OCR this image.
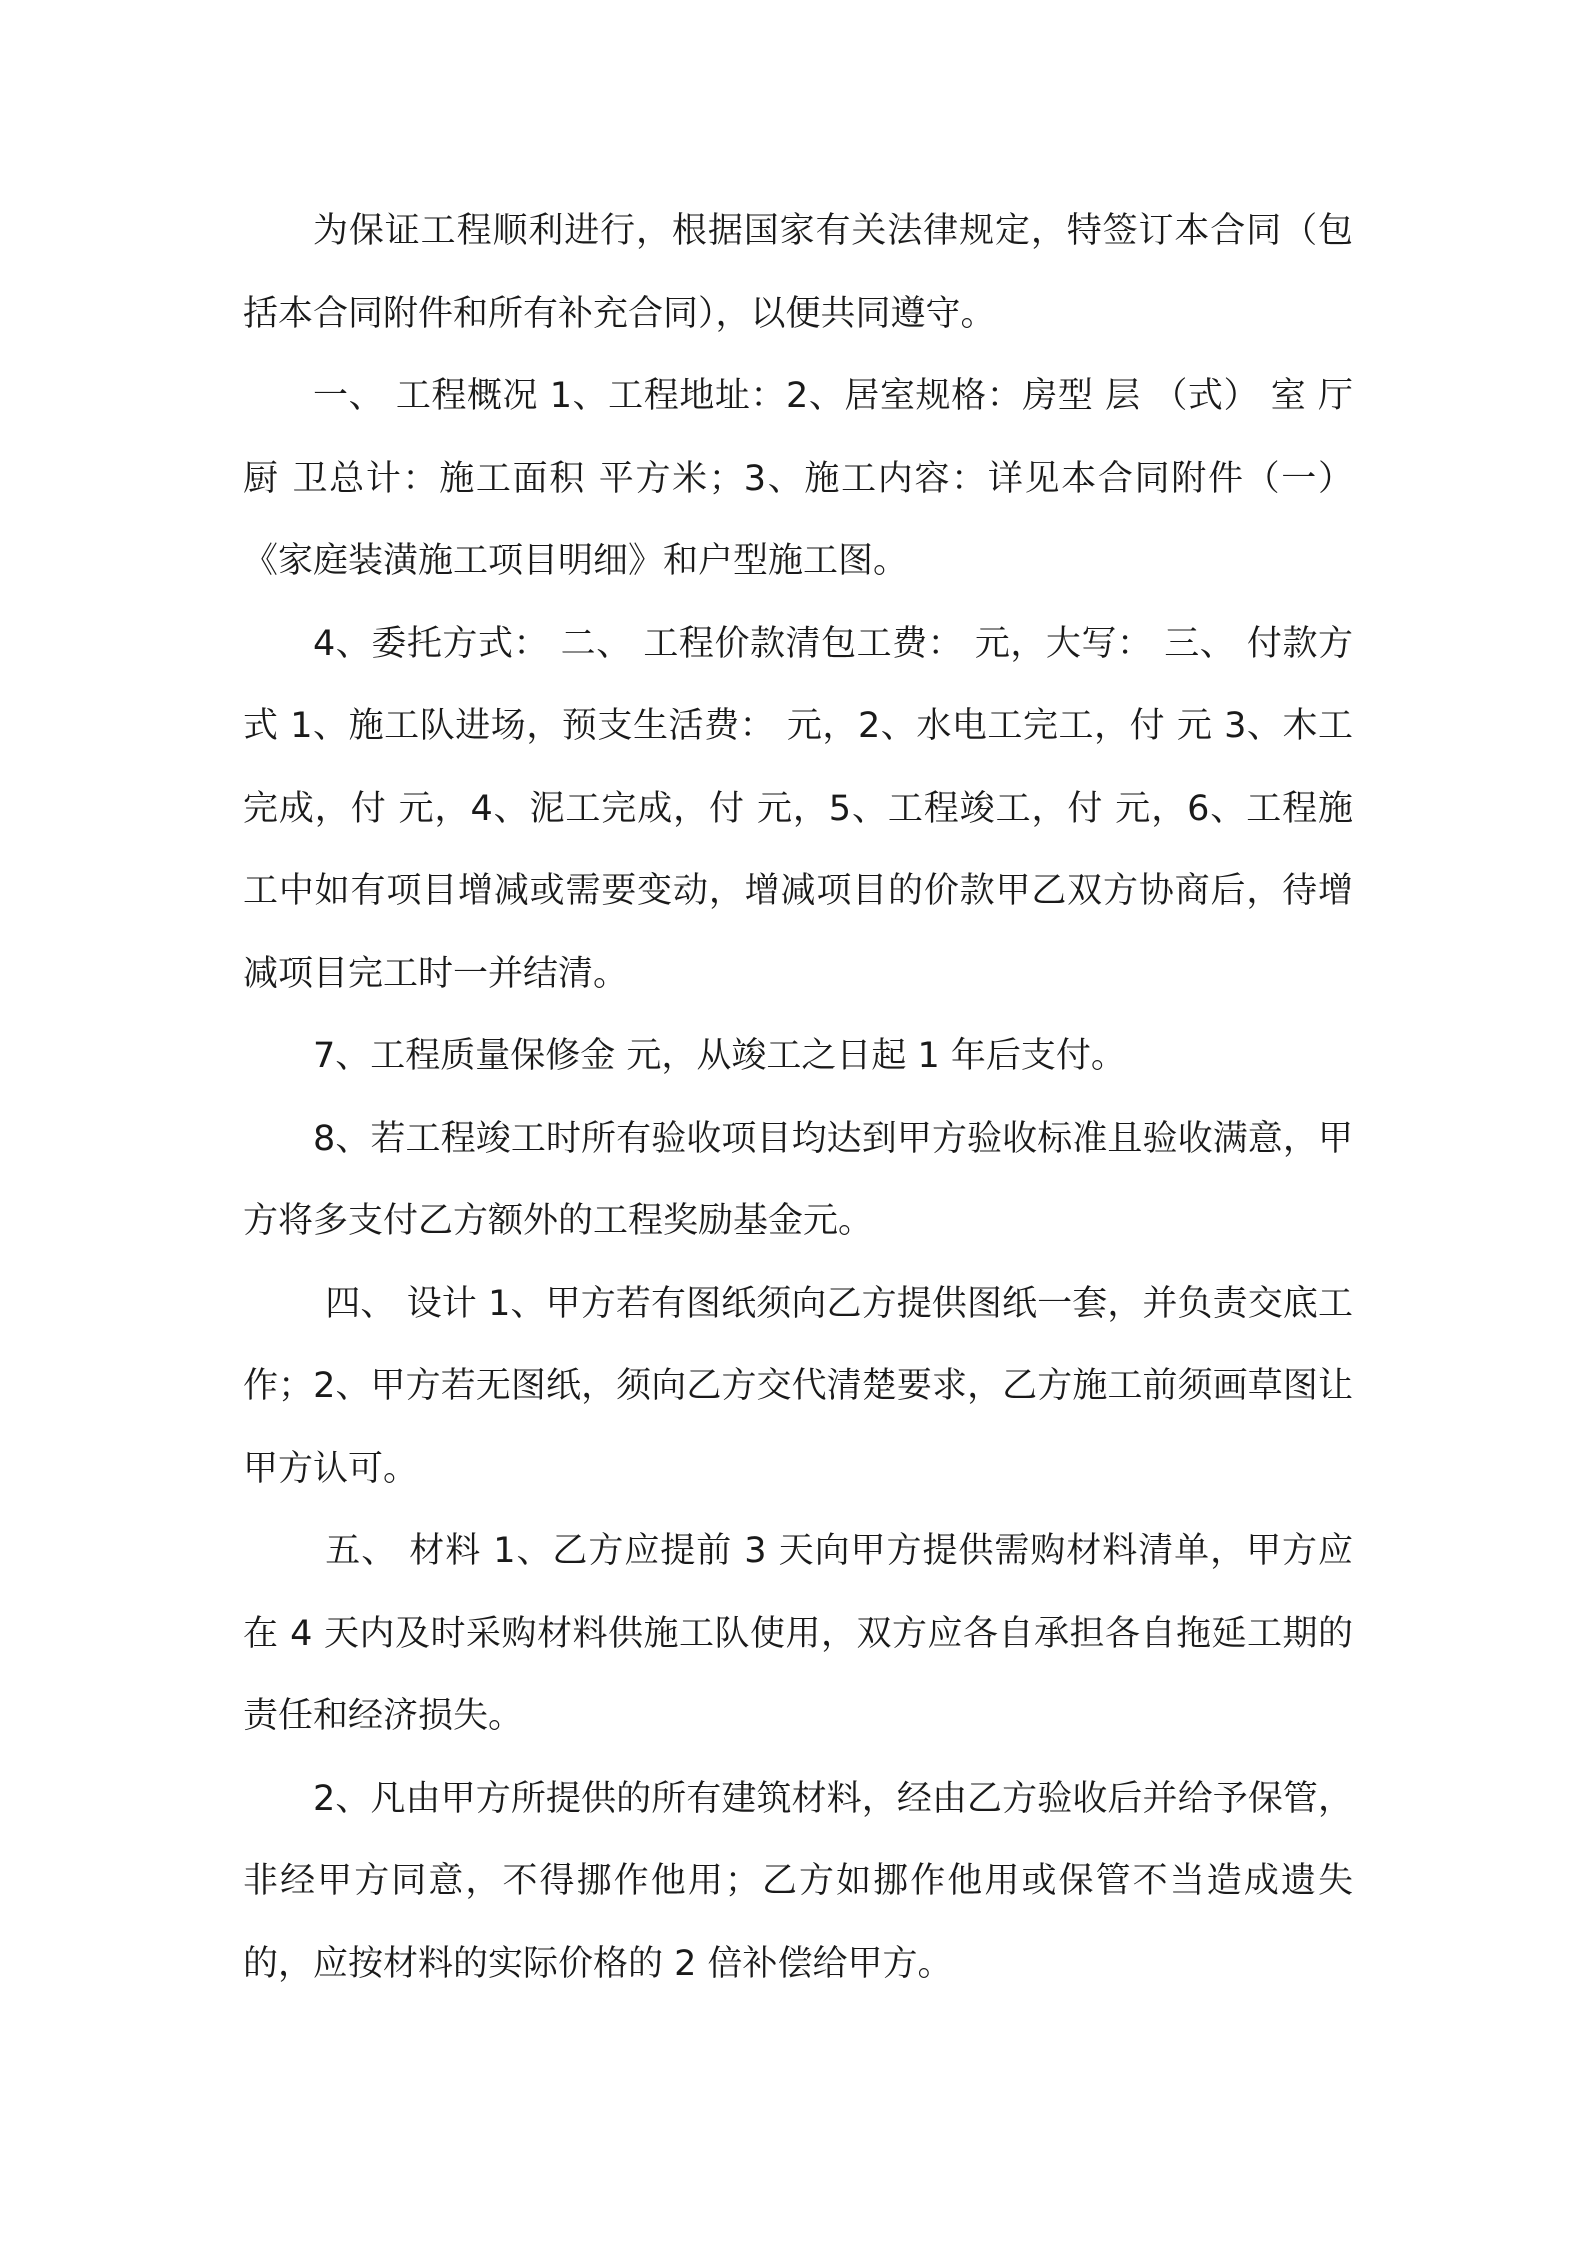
为保证工程顺利进行，根据国家有关法律规定，特签订本合同（包括本合同附件和所有补充合同），以便共同遵守。

一、 工程概况 1、工程地址：2、居室规格：房型 层 （式） 室 厅 厨 卫总计：施工面积 平方米；3、施工内容：详见本合同附件（一）《家庭装潢施工项目明细》和户型施工图。

4、委托方式： 二、 工程价款清包工费： 元，大写： 三、 付款方式 1、施工队进场，预支生活费： 元，2、水电工完工，付 元 3、木工完成，付 元，4、泥工完成，付 元，5、工程竣工，付 元，6、工程施工中如有项目增减或需要变动，增减项目的价款甲乙双方协商后，待增减项目完工时一并结清。

7、工程质量保修金 元，从竣工之日起 1 年后支付。

8、若工程竣工时所有验收项目均达到甲方验收标准且验收满意，甲方将多支付乙方额外的工程奖励基金元。

四、 设计 1、甲方若有图纸须向乙方提供图纸一套，并负责交底工作；2、甲方若无图纸，须向乙方交代清楚要求，乙方施工前须画草图让甲方认可。

五、 材料 1、乙方应提前 3 天向甲方提供需购材料清单，甲方应在 4 天内及时采购材料供施工队使用，双方应各自承担各自拖延工期的责任和经济损失。

2、凡由甲方所提供的所有建筑材料，经由乙方验收后并给予保管，非经甲方同意，不得挪作他用；乙方如挪作他用或保管不当造成遗失的，应按材料的实际价格的 2 倍补偿给甲方。
